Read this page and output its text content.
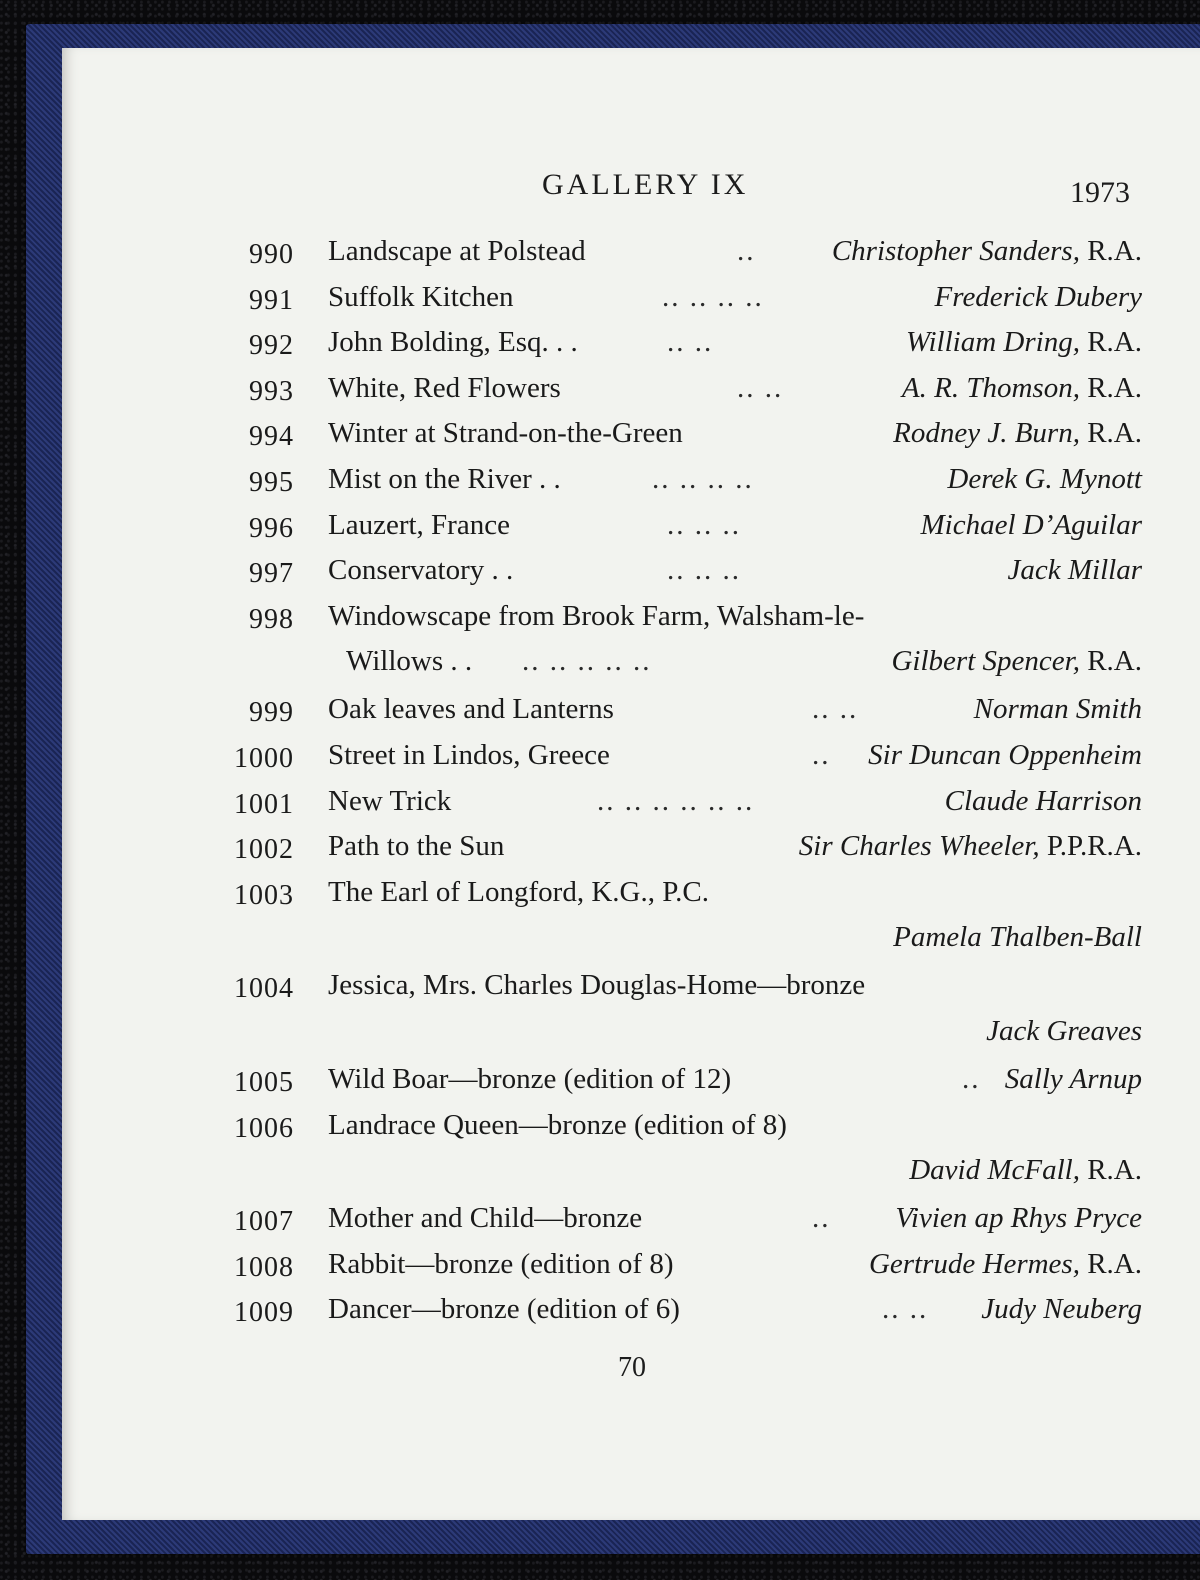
GALLERY IX	1973
990 Landscape at Polstead	..	Christopher Sanders, R.A.
991 Suffolk Kitchen	.. .. .. ..	Frederick Dubery
992 John Bolding, Esq. . .	.. ..	William Dring, R.A.
993 White, Red Flowers	.. ..	A. R. Thomson, R.A.
994 Winter at Strand-on-the-Green	Rodney J. Burn, R.A.
995 Mist on the River . .	.. .. .. ..	Derek G. Mynott
996 Lauzert, France	.. .. ..	Michael D’Aguilar
997 Conservatory . .	.. .. ..	Jack Millar
998 Windowscape from Brook Farm, Walsham-le-
Willows . . .. .. .. .. ..	Gilbert Spencer, R.A.
999 Oak leaves and Lanterns	.. ..	Norman Smith
1000 Street in Lindos, Greece	.. Sir Duncan Oppenheim
1001 New Trick	.. .. .. .. .. ..	Claude Harrison
1002 Path to the Sun	Sir Charles Wheeler, P.P.R.A.
1003 The Earl of Longford, K.G., P.C.
Pamela Thalben-Ball
1004 Jessica, Mrs. Charles Douglas-Home—bronze
Jack Greaves
1005 Wild Boar—bronze (edition of 12)	.. Sally Arnup
1006 Landrace Queen—bronze (edition of 8)
David McFall, R.A.
1007 Mother and Child—bronze	.. Vivien ap Rhys Pryce
1008 Rabbit—bronze (edition of 8)	Gertrude Hermes, R.A.
1009 Dancer—bronze (edition of 6)	.. .. Judy Neuberg
70
